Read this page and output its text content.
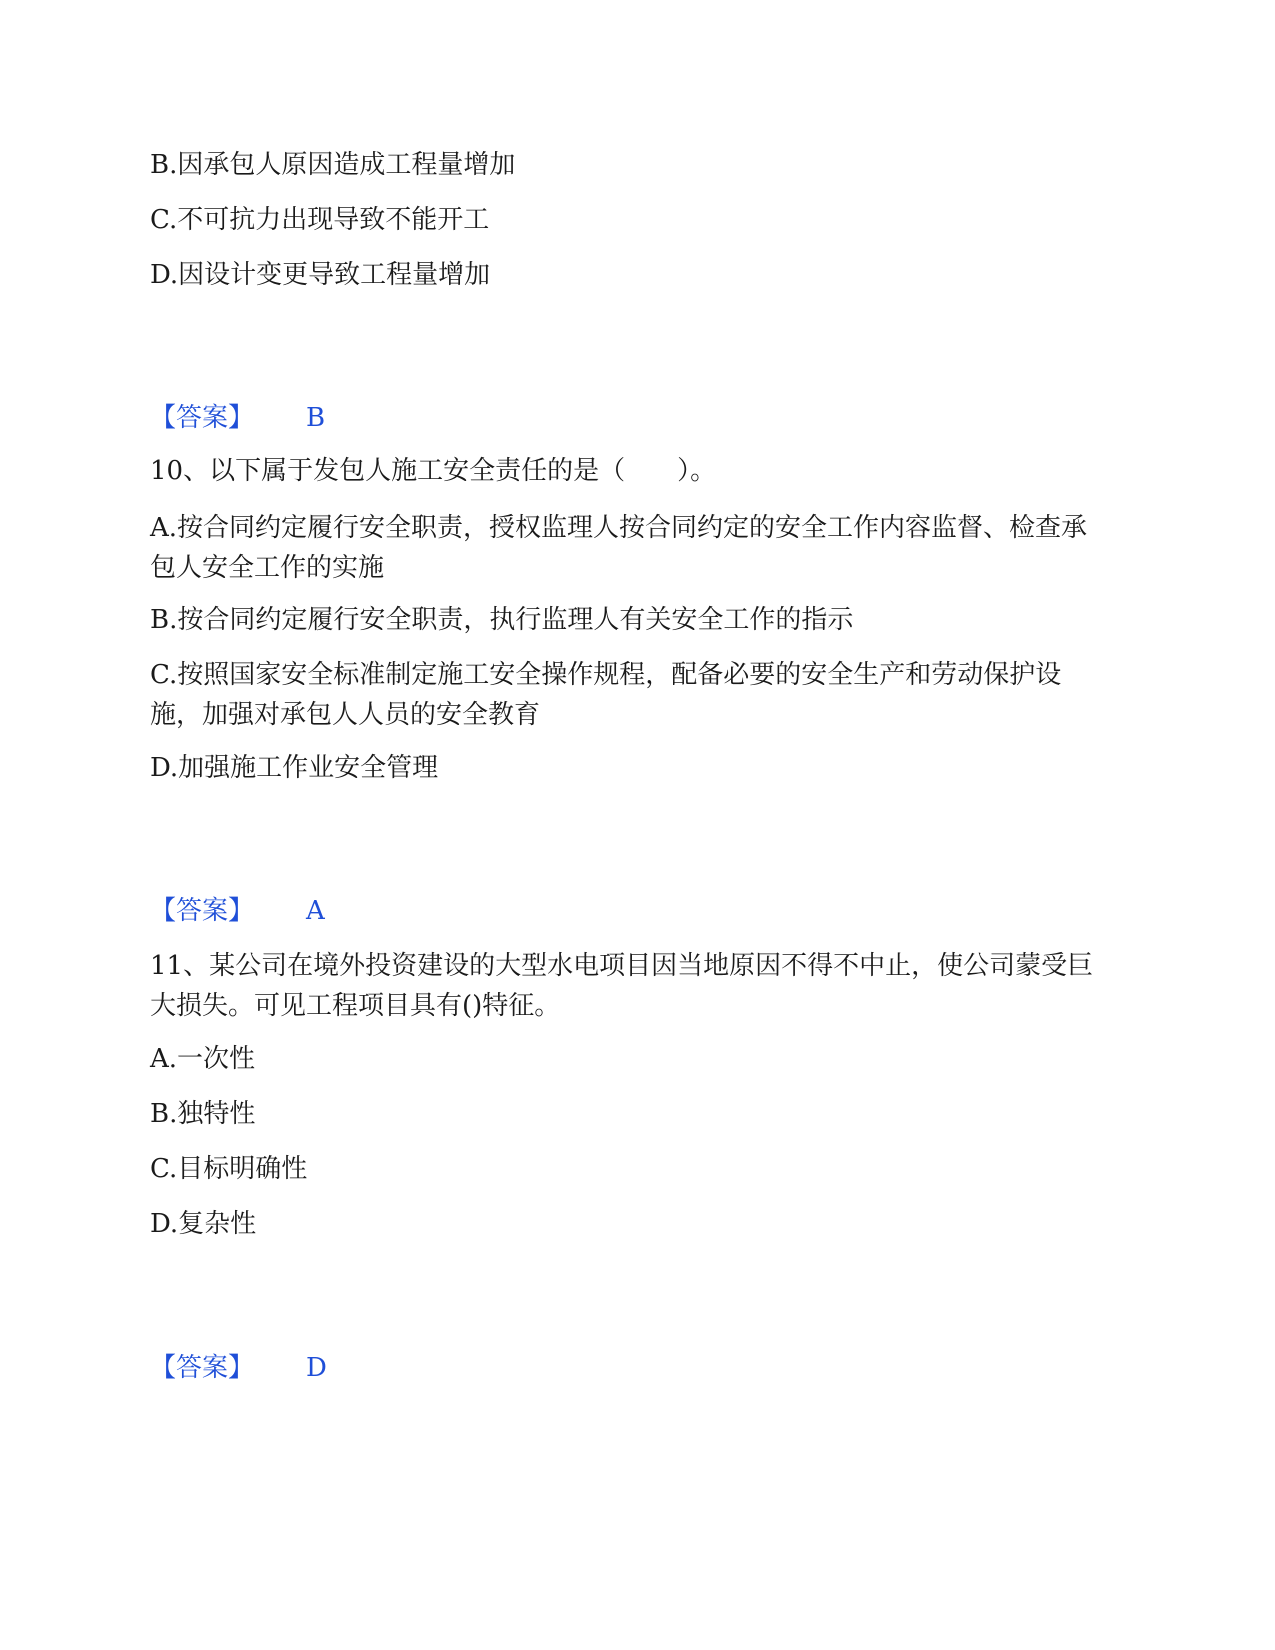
B.因承包人原因造成工程量增加
C.不可抗力出现导致不能开工
D.因设计变更导致工程量增加
【答案】 B
10、以下属于发包人施工安全责任的是（　　）。
A.按合同约定履行安全职责，授权监理人按合同约定的安全工作内容监督、检查承包人安全工作的实施
B.按合同约定履行安全职责，执行监理人有关安全工作的指示
C.按照国家安全标准制定施工安全操作规程，配备必要的安全生产和劳动保护设施，加强对承包人人员的安全教育
D.加强施工作业安全管理
【答案】 A
11、某公司在境外投资建设的大型水电项目因当地原因不得不中止，使公司蒙受巨大损失。可见工程项目具有()特征。
A.一次性
B.独特性
C.目标明确性
D.复杂性
【答案】 D
